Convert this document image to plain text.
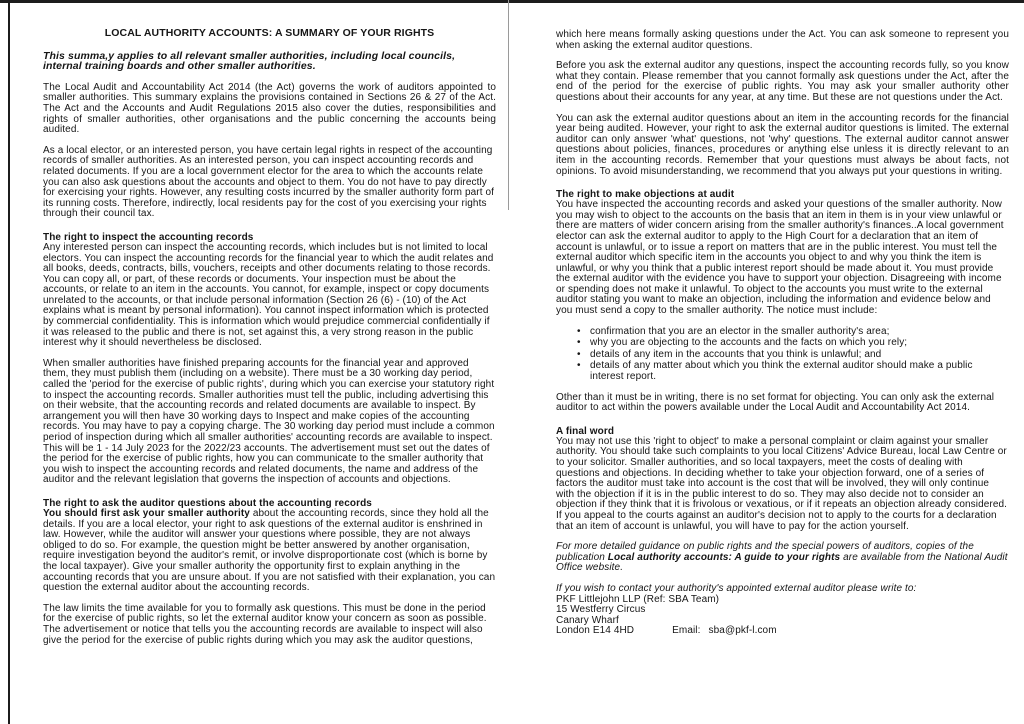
LOCAL AUTHORITY ACCOUNTS: A SUMMARY OF YOUR RIGHTS

This summa,y applies to all relevant smaller authorities, including local councils, internal training boards and other smaller authorities.

The Local Audit and Accountability Act 2014 (the Act) governs the work of auditors appointed to smaller authorities. This summary explains the provisions contained in Sections 26 & 27 of the Act. The Act and the Accounts and Audit Regulations 2015 also cover the duties, responsibilities and rights of smaller authorities, other organisations and the public concerning the accounts being audited.

As a local elector, or an interested person, you have certain legal rights in respect of the accounting records of smaller authorities. As an interested person, you can inspect accounting records and related documents. If you are a local government elector for the area to which the accounts relate you can also ask questions about the accounts and object to them. You do not have to pay directly for exercising your rights. However, any resulting costs incurred by the smaller authority form part of its running costs. Therefore, indirectly, local residents pay for the cost of you exercising your rights through their council tax.

The right to inspect the accounting records

Any interested person can inspect the accounting records, which includes but is not limited to local electors. You can inspect the accounting records for the financial year to which the audit relates and all books, deeds, contracts, bills, vouchers, receipts and other documents relating to those records. You can copy all, or part, of these records or documents. Your inspection must be about the accounts, or relate to an item in the accounts. You cannot, for example, inspect or copy documents unrelated to the accounts, or that include personal information (Section 26 (6) - (10) of the Act explains what is meant by personal information). You cannot inspect information which is protected by commercial confidentiality. This is information which would prejudice commercial confidentially if it was released to the public and there is not, set against this, a very strong reason in the public interest why it should nevertheless be disclosed.

When smaller authorities have finished preparing accounts for the financial year and approved them, they must publish them (including on a website). There must be a 30 working day period, called the 'period for the exercise of public rights', during which you can exercise your statutory right to inspect the accounting records. Smaller authorities must tell the public, including advertising this on their website, that the accounting records and related documents are available to inspect. By arrangement you will then have 30 working days to Inspect and make copies of the accounting records. You may have to pay a copying charge. The 30 working day period must include a common period of inspection during which all smaller authorities' accounting records are available to inspect. This will be 1 - 14 July 2023 for the 2022/23 accounts. The advertisement must set out the dates of the period for the exercise of public rights, how you can communicate to the smaller authority that you wish to inspect the accounting records and related documents, the name and address of the auditor and the relevant legislation that governs the inspection of accounts and objections.

The right to ask the auditor questions about the accounting records

You should first ask your smaller authority about the accounting records, since they hold all the details. If you are a local elector, your right to ask questions of the external auditor is enshrined in law. However, while the auditor will answer your questions where possible, they are not always obliged to do so. For example, the question might be better answered by another organisation, require investigation beyond the auditor's remit, or involve disproportionate cost (which is borne by the local taxpayer). Give your smaller authority the opportunity first to explain anything in the accounting records that you are unsure about. If you are not satisfied with their explanation, you can question the external auditor about the accounting records.

The law limits the time available for you to formally ask questions. This must be done in the period for the exercise of public rights, so let the external auditor know your concern as soon as possible. The advertisement or notice that tells you the accounting records are available to inspect will also give the period for the exercise of public rights during which you may ask the auditor questions,

which here means formally asking questions under the Act. You can ask someone to represent you when asking the external auditor questions.

Before you ask the external auditor any questions, inspect the accounting records fully, so you know what they contain. Please remember that you cannot formally ask questions under the Act, after the end of the period for the exercise of public rights. You may ask your smaller authority other questions about their accounts for any year, at any time. But these are not questions under the Act.

You can ask the external auditor questions about an item in the accounting records for the financial year being audited. However, your right to ask the external auditor questions is limited. The external auditor can only answer 'what' questions, not 'why' questions. The external auditor cannot answer questions about policies, finances, procedures or anything else unless it is directly relevant to an item in the accounting records. Remember that your questions must always be about facts, not opinions. To avoid misunderstanding, we recommend that you always put your questions in writing.

The right to make objections at audit

You have inspected the accounting records and asked your questions of the smaller authority. Now you may wish to object to the accounts on the basis that an item in them is in your view unlawful or there are matters of wider concern arising from the smaller authority's finances..A local government elector can ask the external auditor to apply to the High Court for a declaration that an item of account is unlawful, or to issue a report on matters that are in the public interest. You must tell the external auditor which specific item in the accounts you object to and why you think the item is unlawful, or why you think that a public interest report should be made about it. You must provide the external auditor with the evidence you have to support your objection. Disagreeing with income or spending does not make it unlawful. To object to the accounts you must write to the external auditor stating you want to make an objection, including the information and evidence below and you must send a copy to the smaller authority. The notice must include:

• confirmation that you are an elector in the smaller authority's area;
• why you are objecting to the accounts and the facts on which you rely;
• details of any item in the accounts that you think is unlawful; and
• details of any matter about which you think the external auditor should make a public interest report.

Other than it must be in writing, there is no set format for objecting. You can only ask the external auditor to act within the powers available under the Local Audit and Accountability Act 2014.

A final word

You may not use this 'right to object' to make a personal complaint or claim against your smaller authority. You should take such complaints to you local Citizens' Advice Bureau, local Law Centre or to your solicitor. Smaller authorities, and so local taxpayers, meet the costs of dealing with questions and objections. In deciding whether to take your objection forward, one of a series of factors the auditor must take into account is the cost that will be involved, they will only continue with the objection if it is in the public interest to do so. They may also decide not to consider an objection if they think that it is frivolous or vexatious, or if it repeats an objection already considered. If you appeal to the courts against an auditor's decision not to apply to the courts for a declaration that an item of account is unlawful, you will have to pay for the action yourself.

For more detailed guidance on public rights and the special powers of auditors, copies of the publication Local authority accounts: A guide to your rights are available from the National Audit Office website.

If you wish to contact your authority's appointed external auditor please write to:

PKF Littlejohn LLP (Ref: SBA Team)

15 Westferry Circus

Canary Wharf

London E14 4HD	Email: sba@pkf-l.com
